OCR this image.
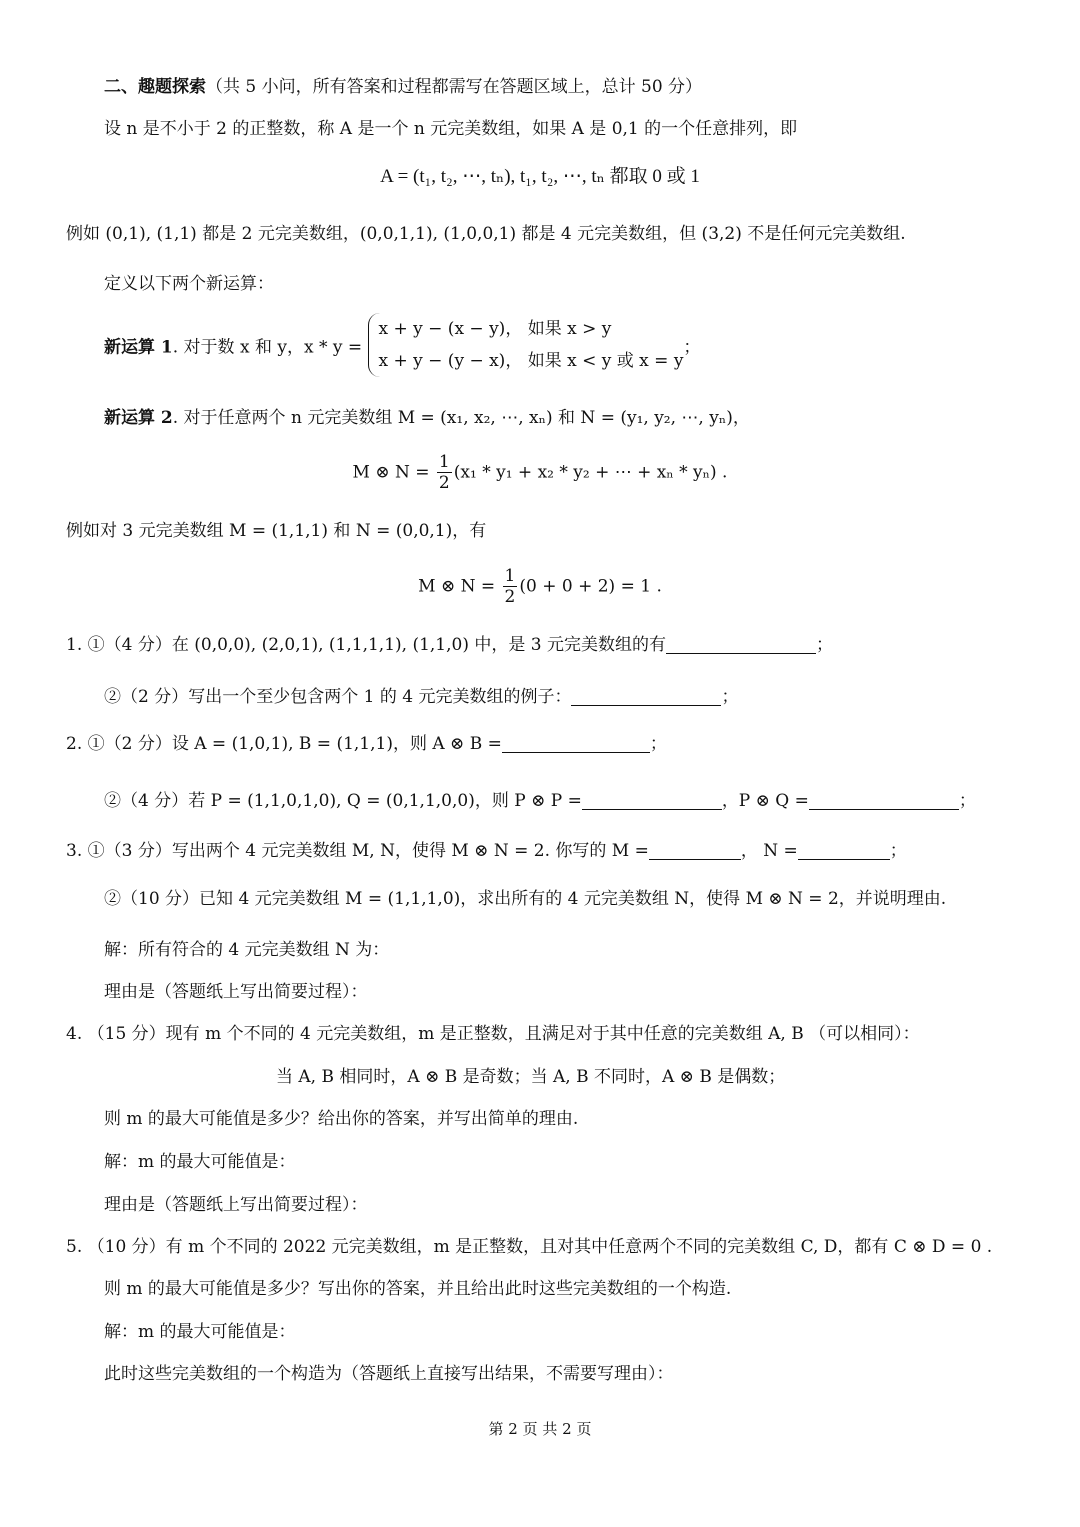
二、趣题探索（共 5 小问，所有答案和过程都需写在答题区域上，总计 50 分）
设 n 是不小于 2 的正整数，称 A 是一个 n 元完美数组，如果 A 是 0,1 的一个任意排列，即
A = (t₁, t₂, ⋯, tₙ), t₁, t₂, ⋯, tₙ 都取 0 或 1
例如 (0,1), (1,1) 都是 2 元完美数组，(0,0,1,1), (1,0,0,1) 都是 4 元完美数组，但 (3,2) 不是任何元完美数组.
定义以下两个新运算：
新运算 1. 对于数 x 和 y，x * y =
x + y − (x − y)， 如果 x > y
x + y − (y − x)， 如果 x < y 或 x = y
；
新运算 2. 对于任意两个 n 元完美数组 M = (x₁, x₂, ⋯, xₙ) 和 N = (y₁, y₂, ⋯, yₙ)，
M ⊗ $N = \frac{1}{2} (x_1 * y_1 + x_2 * y_2$ + ⋯ + xₙ * yₙ) .
例如对 3 元完美数组 M = (1,1,1) 和 N = (0,0,1)，有
M ⊗ $N = \frac{1}{2} (0 + 0 + 2) = 1$ .
1. ①（4 分）在 (0,0,0), (2,0,1), (1,1,1,1), (1,1,0) 中，是 3 元完美数组的有	；
②（2 分）写出一个至少包含两个 1 的 4 元完美数组的例子：	；
2. ①（2 分）设 A = (1,0,1), B = (1,1,1)，则 A ⊗ B =	；
②（4 分）若 P = (1,1,0,1,0), Q = (0,1,1,0,0)，则 P ⊗ P =	，P ⊗ Q =	；
3. ①（3 分）写出两个 4 元完美数组 M, N，使得 M ⊗ N = 2. 你写的 M =	， N =	；
②（10 分）已知 4 元完美数组 M = (1,1,1,0)，求出所有的 4 元完美数组 N，使得 M ⊗ N = 2，并说明理由.
解：所有符合的 4 元完美数组 N 为：
理由是（答题纸上写出简要过程）：
4. （15 分）现有 m 个不同的 4 元完美数组，m 是正整数，且满足对于其中任意的完美数组 A, B （可以相同）：
当 A, B 相同时，A ⊗ B 是奇数；当 A, B 不同时，A ⊗ B 是偶数；
则 m 的最大可能值是多少？给出你的答案，并写出简单的理由.
解：m 的最大可能值是：
理由是（答题纸上写出简要过程）：
5. （10 分）有 m 个不同的 2022 元完美数组，m 是正整数，且对其中任意两个不同的完美数组 C, D，都有 C ⊗ D = 0 .
则 m 的最大可能值是多少？写出你的答案，并且给出此时这些完美数组的一个构造.
解：m 的最大可能值是：
此时这些完美数组的一个构造为（答题纸上直接写出结果，不需要写理由）：
第 2 页 共 2 页
